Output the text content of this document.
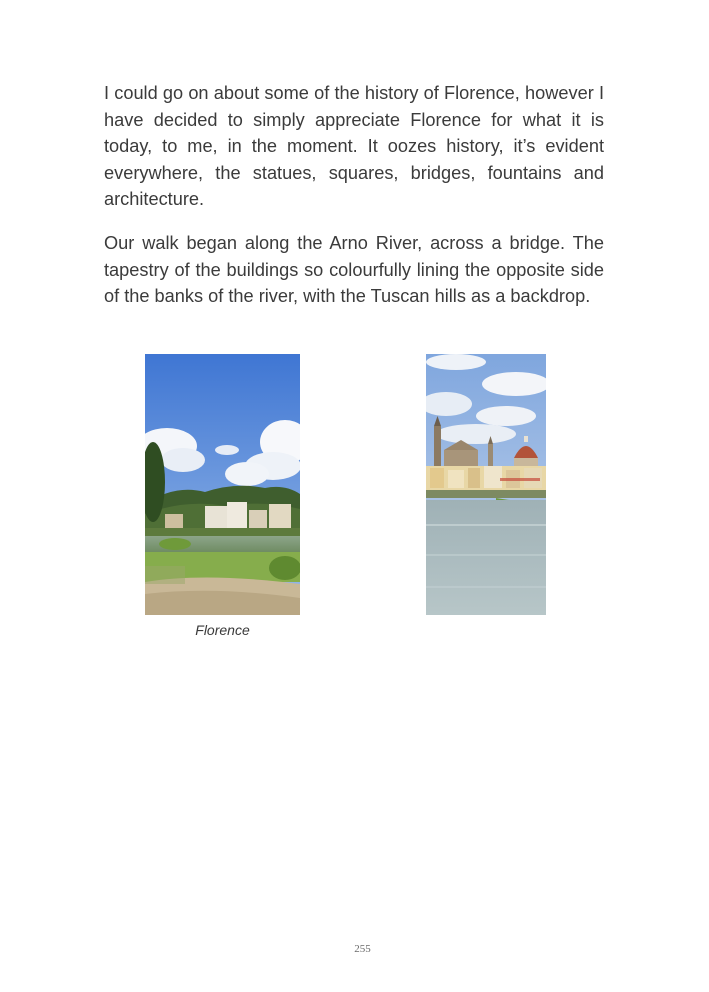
I could go on about some of the history of Florence, however I have decided to simply appreciate Florence for what it is today, to me, in the moment. It oozes history, it’s evident everywhere, the statues, squares, bridges, fountains and architecture.

Our walk began along the Arno River, across a bridge. The tapestry of the buildings so colourfully lining the opposite side of the banks of the river, with the Tuscan hills as a backdrop.

Florence
255
